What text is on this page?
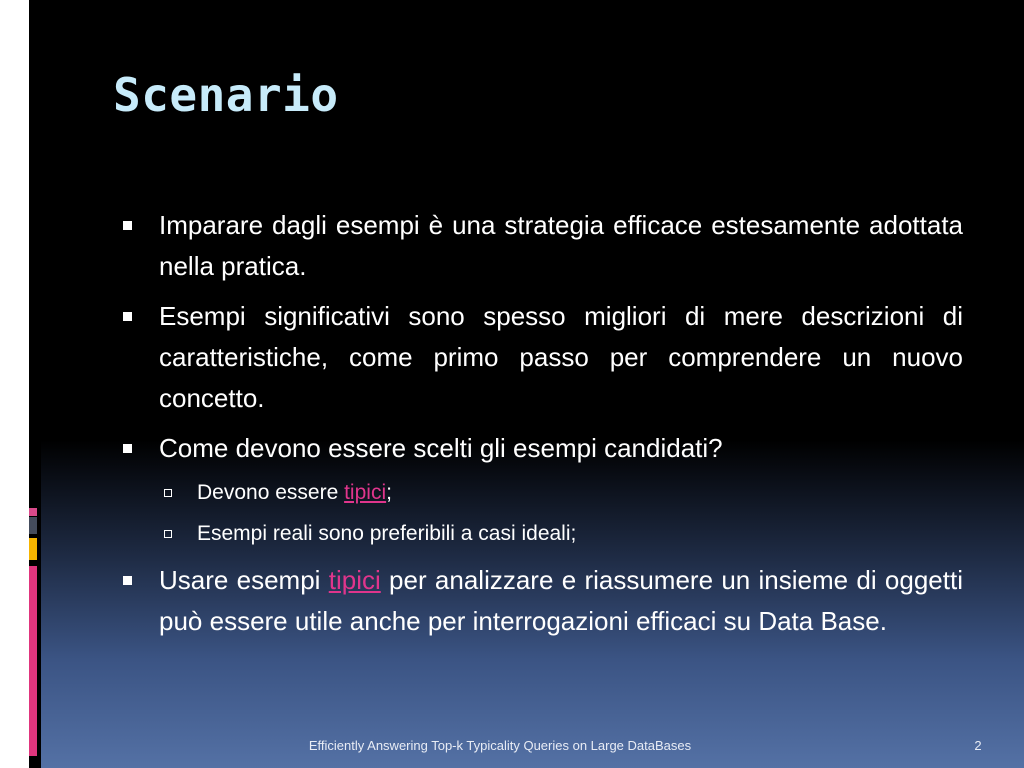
Scenario
Imparare dagli esempi è una strategia efficace estesamente adottata nella pratica.
Esempi significativi sono spesso migliori di mere descrizioni di caratteristiche, come primo passo per comprendere un nuovo concetto.
Come devono essere scelti gli esempi candidati?
Devono essere tipici;
Esempi reali sono preferibili a casi ideali;
Usare esempi tipici per analizzare e riassumere un insieme di oggetti può essere utile anche per interrogazioni efficaci su Data Base.
Efficiently Answering Top-k Typicality Queries on Large DataBases	2
